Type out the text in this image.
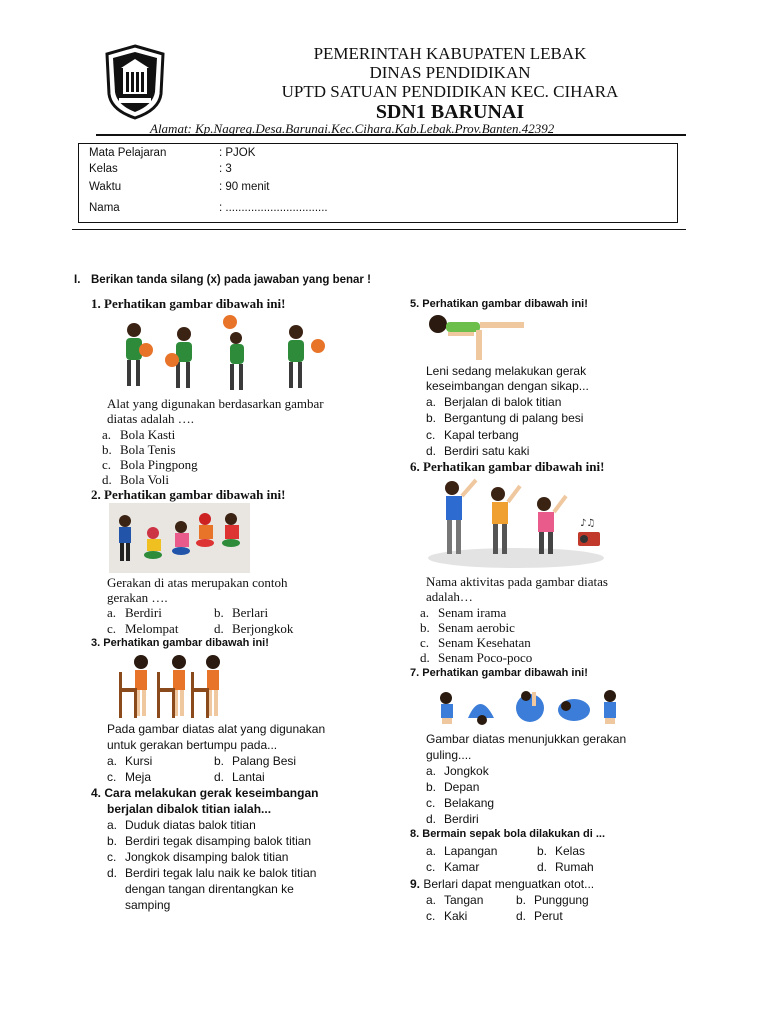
PEMERINTAH KABUPATEN LEBAK
DINAS PENDIDIKAN
UPTD SATUAN PENDIDIKAN KEC. CIHARA
SDN1 BARUNAI
Alamat: Kp.Nagreg.Desa.Barunai.Kec.Cihara.Kab.Lebak.Prov.Banten.42392
Mata Pelajaran	: PJOK
Kelas	: 3
Waktu	: 90 menit
Nama	: ................................
I. Berikan tanda silang (x) pada jawaban yang benar !
1. Perhatikan gambar dibawah ini!
Alat yang digunakan berdasarkan gambar
diatas adalah ….
a. Bola Kasti
b. Bola Tenis
c. Bola Pingpong
d. Bola Voli
2. Perhatikan gambar dibawah ini!
Gerakan di atas merupakan contoh
gerakan ….
a. Berdiri	b. Berlari
c. Melompat	d. Berjongkok
3. Perhatikan gambar dibawah ini!
Pada gambar diatas alat yang digunakan
untuk gerakan bertumpu pada...
a. Kursi	b. Palang Besi
c. Meja	d. Lantai
4. Cara melakukan gerak keseimbangan
berjalan dibalok titian ialah...
a. Duduk diatas balok titian
b. Berdiri tegak disamping balok titian
c. Jongkok disamping balok titian
d. Berdiri tegak lalu naik ke balok titian
dengan tangan direntangkan ke
samping
5. Perhatikan gambar dibawah ini!
Leni sedang melakukan gerak
keseimbangan dengan sikap...
a. Berjalan di balok titian
b. Bergantung di palang besi
c. Kapal terbang
d. Berdiri satu kaki
6. Perhatikan gambar dibawah ini!
♪♫
Nama aktivitas pada gambar diatas
adalah…
a. Senam irama
b. Senam aerobic
c. Senam Kesehatan
d. Senam Poco-poco
7. Perhatikan gambar dibawah ini!
Gambar diatas menunjukkan gerakan
guling....
a. Jongkok
b. Depan
c. Belakang
d. Berdiri
8. Bermain sepak bola dilakukan di ...
a. Lapangan	b. Kelas
c. Kamar	d. Rumah
9. Berlari dapat menguatkan otot...
a. Tangan	b. Punggung
c. Kaki	d. Perut
